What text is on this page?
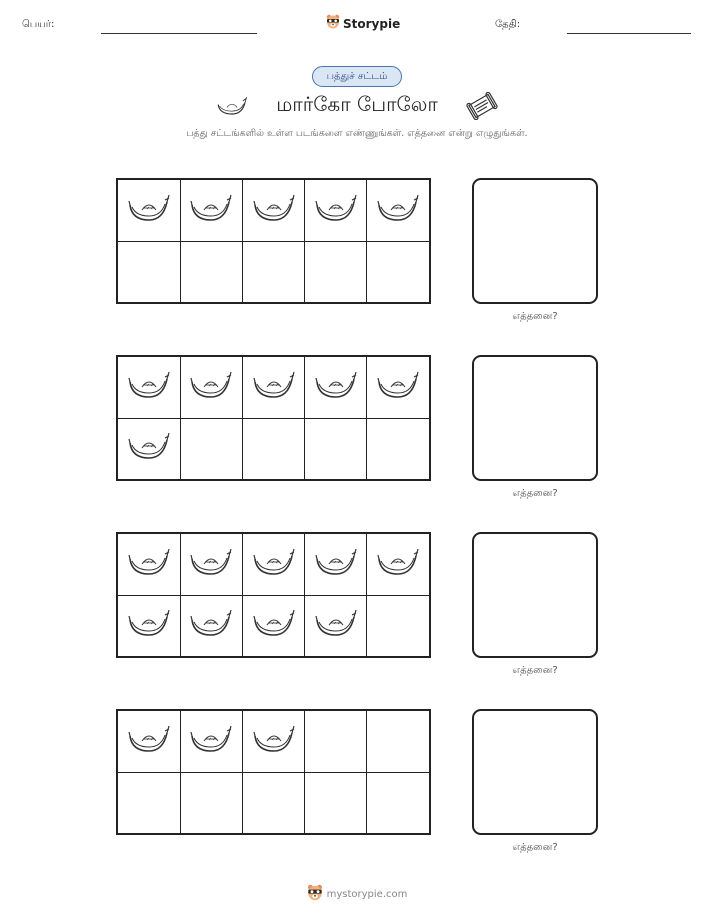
பெயர்:	Storypie	தேதி:
பத்துச் சட்டம்
மார்கோ போலோ
பத்து சட்டங்களில் உள்ள படங்களை எண்ணுங்கள். எத்தனை என்று எழுதுங்கள்.
எத்தனை?
எத்தனை?
எத்தனை?
எத்தனை?
mystorypie.com
